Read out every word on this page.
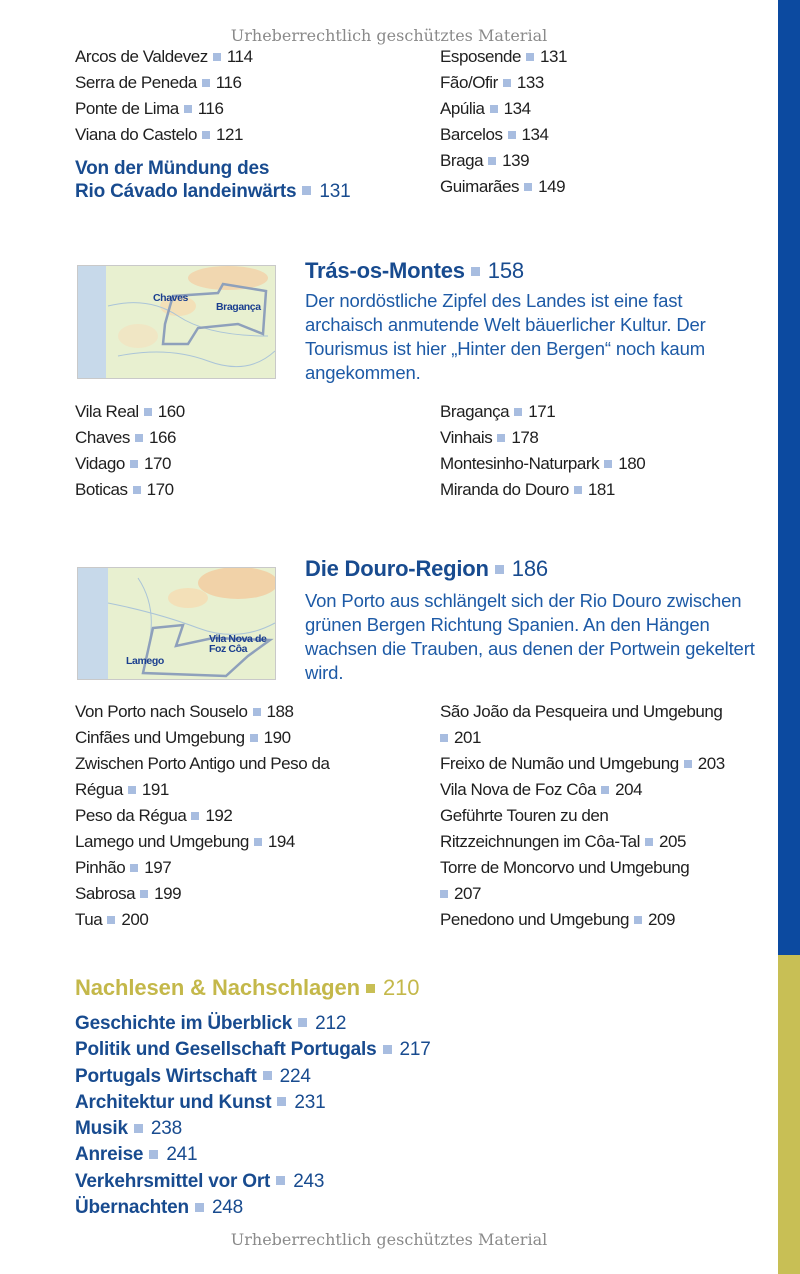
Urheberrechtlich geschütztes Material
Arcos de Valdevez 114
Serra de Peneda 116
Ponte de Lima 116
Viana do Castelo 121
Esposende 131
Fão/Ofir 133
Apúlia 134
Barcelos 134
Braga 139
Guimarães 149
Von der Mündung des
Rio Cávado landeinwärts 131
Chaves
Bragança
Trás-os-Montes 158
Der nordöstliche Zipfel des Landes ist eine fast archaisch anmutende Welt bäuerlicher Kultur. Der Tourismus ist hier „Hinter den Bergen“ noch kaum angekommen.
Vila Real 160
Chaves 166
Vidago 170
Boticas 170
Bragança 171
Vinhais 178
Montesinho-Naturpark 180
Miranda do Douro 181
Lamego
Vila Nova de Foz Côa
Die Douro-Region 186
Von Porto aus schlängelt sich der Rio Douro zwischen grünen Bergen Richtung Spanien. An den Hängen wachsen die Trauben, aus denen der Portwein gekeltert wird.
Von Porto nach Souselo 188
Cinfães und Umgebung 190
Zwischen Porto Antigo und Peso da
Régua 191
Peso da Régua 192
Lamego und Umgebung 194
Pinhão 197
Sabrosa 199
Tua 200
São João da Pesqueira und Umgebung
201
Freixo de Numão und Umgebung 203
Vila Nova de Foz Côa 204
Geführte Touren zu den
Ritzzeichnungen im Côa-Tal 205
Torre de Moncorvo und Umgebung
207
Penedono und Umgebung 209
Nachlesen & Nachschlagen 210
Geschichte im Überblick 212
Politik und Gesellschaft Portugals 217
Portugals Wirtschaft 224
Architektur und Kunst 231
Musik 238
Anreise 241
Verkehrsmittel vor Ort 243
Übernachten 248
Urheberrechtlich geschütztes Material
